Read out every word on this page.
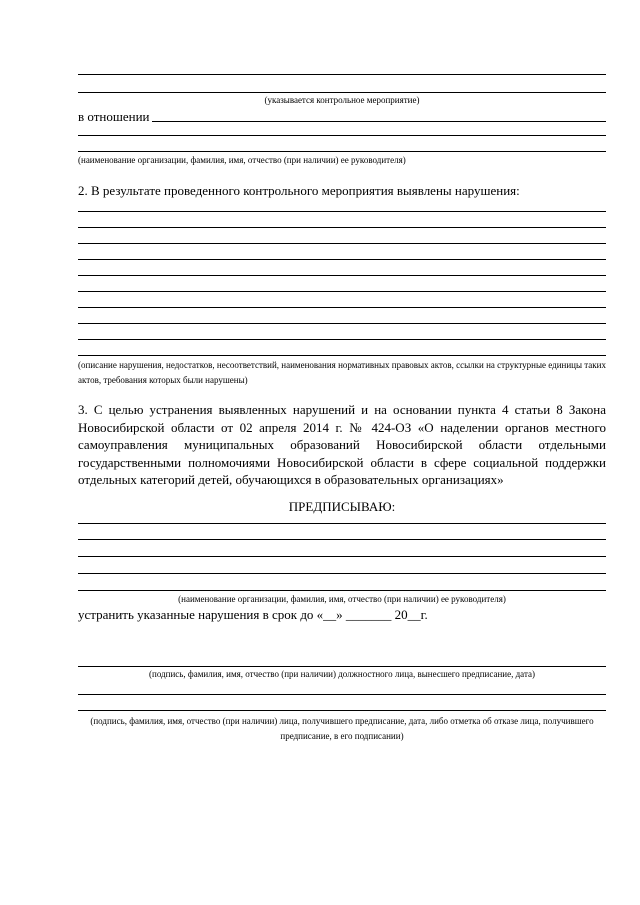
(указывается контрольное мероприятие)
в отношении
(наименование организации, фамилия, имя, отчество (при наличии) ее руководителя)
2. В результате проведенного контрольного мероприятия выявлены нарушения:
(описание нарушения, недостатков, несоответствий, наименования нормативных правовых актов, ссылки на структурные единицы таких актов, требования которых были нарушены)
3. С целью устранения выявленных нарушений и на основании пункта 4 статьи 8 Закона Новосибирской области от 02 апреля 2014 г. № 424-ОЗ «О наделении органов местного самоуправления муниципальных образований Новосибирской области отдельными государственными полномочиями Новосибирской области в сфере социальной поддержки отдельных категорий детей, обучающихся в образовательных организациях»
ПРЕДПИСЫВАЮ:
(наименование организации, фамилия, имя, отчество (при наличии) ее руководителя)
устранить указанные нарушения в срок до «__» _______ 20__г.
(подпись, фамилия, имя, отчество (при наличии) должностного лица, вынесшего предписание, дата)
(подпись, фамилия, имя, отчество (при наличии) лица, получившего предписание, дата, либо отметка об отказе лица, получившего предписание, в его подписании)
